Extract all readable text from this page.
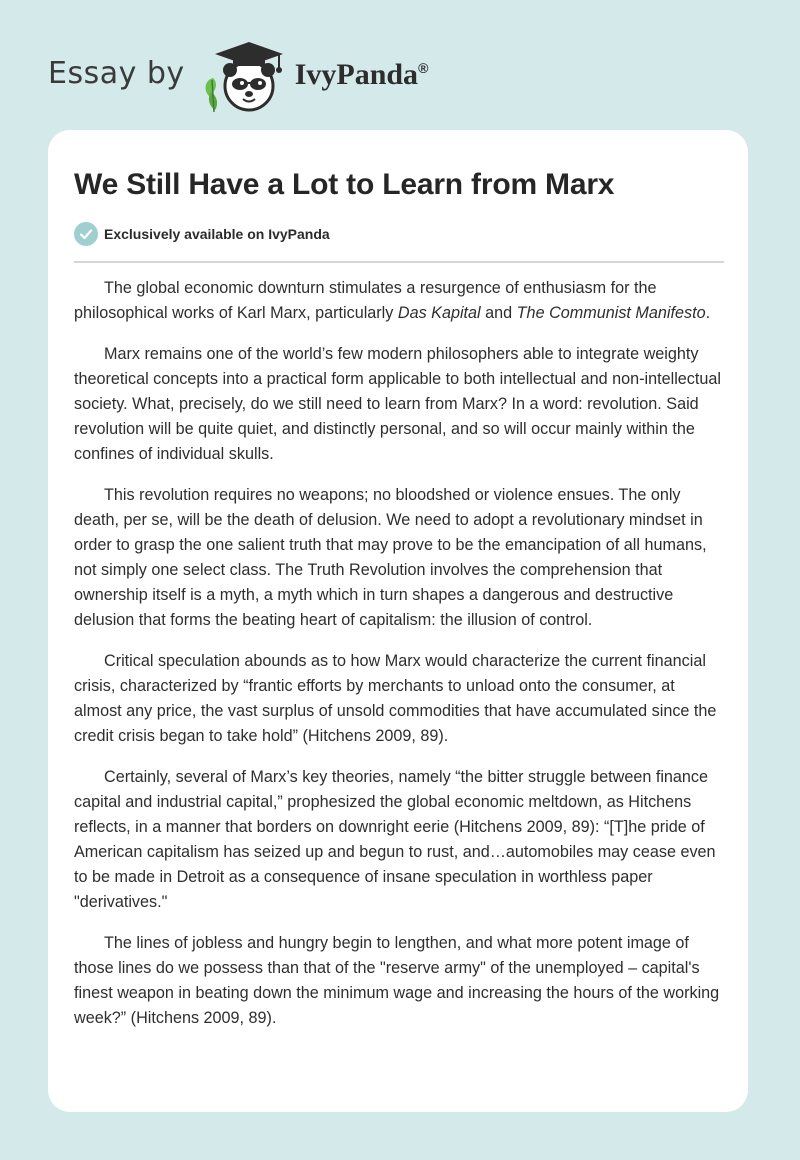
Essay by	IvyPanda®
We Still Have a Lot to Learn from Marx
Exclusively available on IvyPanda

The global economic downturn stimulates a resurgence of enthusiasm for the philosophical works of Karl Marx, particularly Das Kapital and The Communist Manifesto.

Marx remains one of the world’s few modern philosophers able to integrate weighty theoretical concepts into a practical form applicable to both intellectual and non-intellectual society. What, precisely, do we still need to learn from Marx? In a word: revolution. Said revolution will be quite quiet, and distinctly personal, and so will occur mainly within the confines of individual skulls.

This revolution requires no weapons; no bloodshed or violence ensues. The only death, per se, will be the death of delusion. We need to adopt a revolutionary mindset in order to grasp the one salient truth that may prove to be the emancipation of all humans, not simply one select class. The Truth Revolution involves the comprehension that ownership itself is a myth, a myth which in turn shapes a dangerous and destructive delusion that forms the beating heart of capitalism: the illusion of control.

Critical speculation abounds as to how Marx would characterize the current financial crisis, characterized by “frantic efforts by merchants to unload onto the consumer, at almost any price, the vast surplus of unsold commodities that have accumulated since the credit crisis began to take hold” (Hitchens 2009, 89).

Certainly, several of Marx’s key theories, namely “the bitter struggle between finance capital and industrial capital,” prophesized the global economic meltdown, as Hitchens reflects, in a manner that borders on downright eerie (Hitchens 2009, 89): “[T]he pride of American capitalism has seized up and begun to rust, and…automobiles may cease even to be made in Detroit as a consequence of insane speculation in worthless paper "derivatives."

The lines of jobless and hungry begin to lengthen, and what more potent image of those lines do we possess than that of the "reserve army" of the unemployed – capital's finest weapon in beating down the minimum wage and increasing the hours of the working week?” (Hitchens 2009, 89).
